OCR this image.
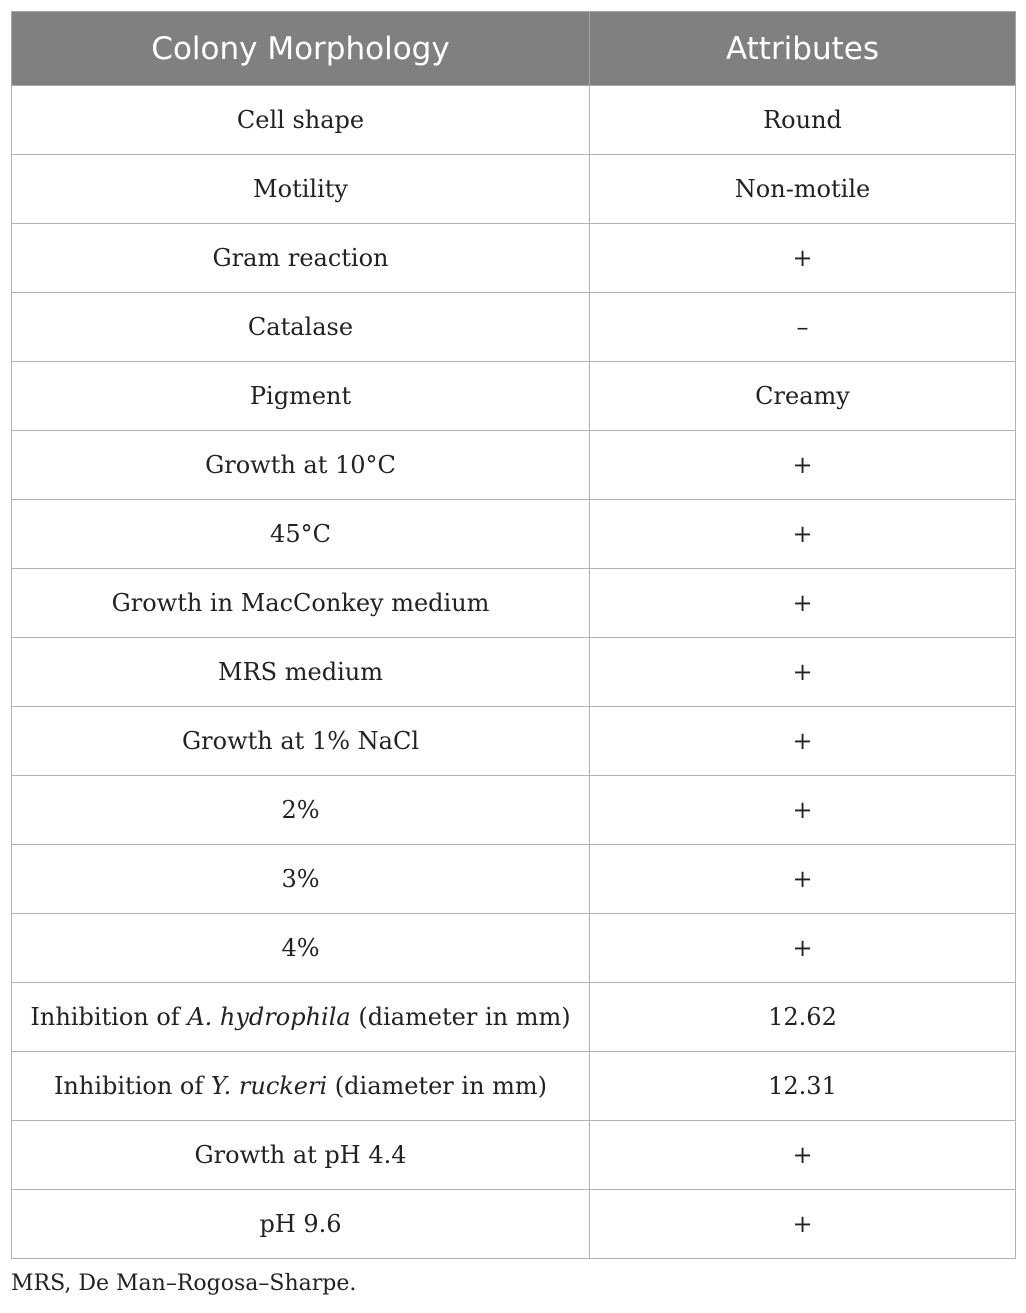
Colony Morphology	Attributes
Cell shape	Round
Motility	Non-motile
Gram reaction	+
Catalase	–
Pigment	Creamy
Growth at 10°C	+
45°C	+
Growth in MacConkey medium	+
MRS medium	+
Growth at 1% NaCl	+
2%	+
3%	+
4%	+
Inhibition of A. hydrophila (diameter in mm)	12.62
Inhibition of Y. ruckeri (diameter in mm)	12.31
Growth at pH 4.4	+
pH 9.6	+
MRS, De Man–Rogosa–Sharpe.
